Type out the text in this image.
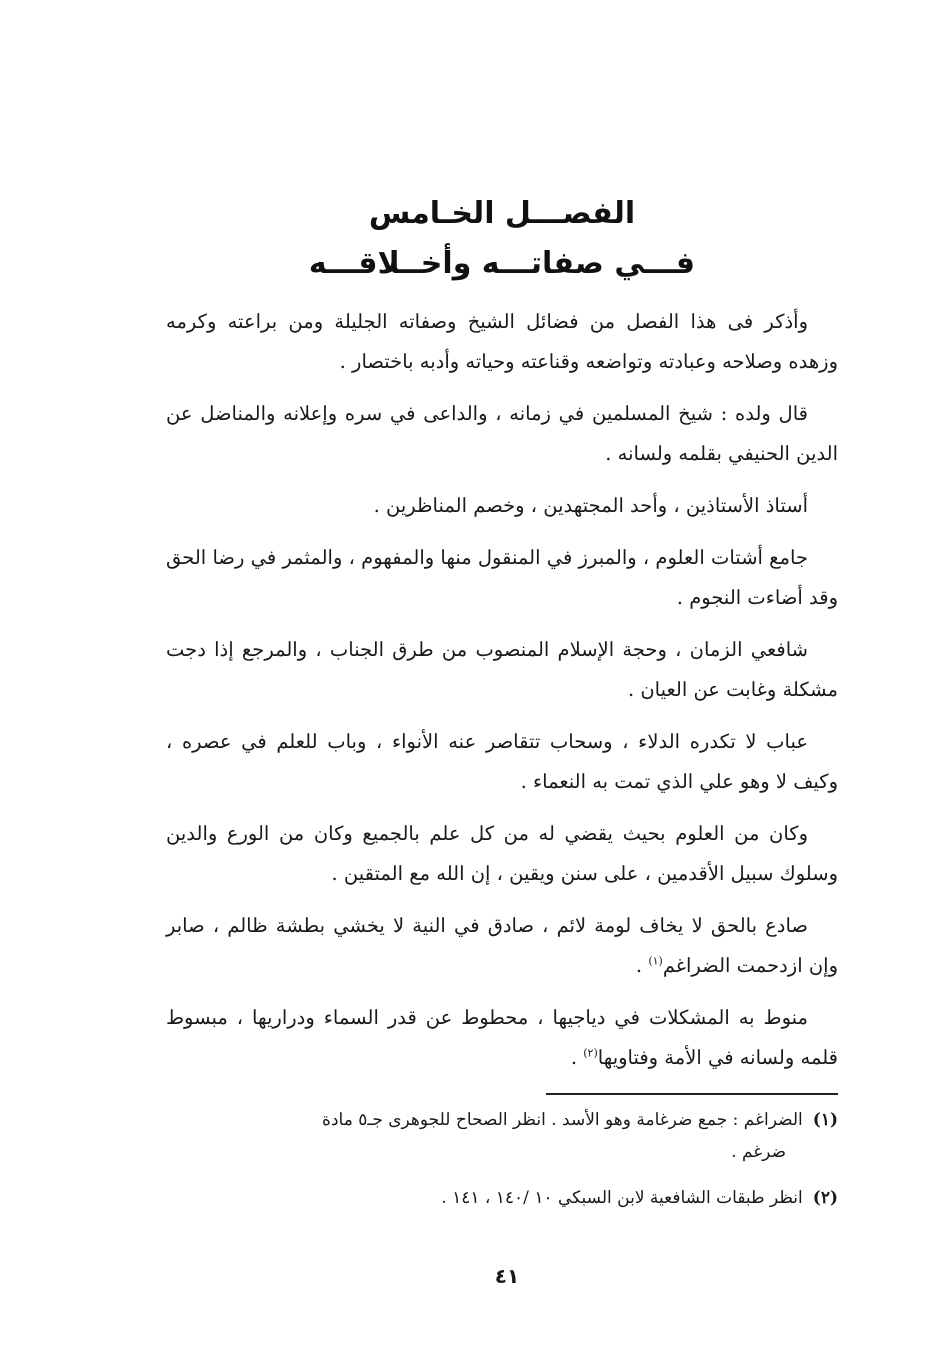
الفصـــل الخـامس
فـــي صفاتـــه وأخــلاقـــه

وأذكر فى هذا الفصل من فضائل الشيخ وصفاته الجليلة ومن براعته وكرمه وزهده وصلاحه وعبادته وتواضعه وقناعته وحياته وأدبه باختصار .

قال ولده : شيخ المسلمين في زمانه ، والداعى في سره وإعلانه والمناضل عن الدين الحنيفي بقلمه ولسانه .

أستاذ الأستاذين ، وأحد المجتهدين ، وخصم المناظرين .

جامع أشتات العلوم ، والمبرز في المنقول منها والمفهوم ، والمثمر في رضا الحق وقد أضاءت النجوم .

شافعي الزمان ، وحجة الإسلام المنصوب من طرق الجناب ، والمرجع إذا دجت مشكلة وغابت عن العيان .

عباب لا تكدره الدلاء ، وسحاب تتقاصر عنه الأنواء ، وباب للعلم في عصره ، وكيف لا وهو علي الذي تمت به النعماء .

وكان من العلوم بحيث يقضي له من كل علم بالجميع وكان من الورع والدين وسلوك سبيل الأقدمين ، على سنن ويقين ، إن الله مع المتقين .

صادع بالحق لا يخاف لومة لائم ، صادق في النية لا يخشي بطشة ظالم ، صابر وإن ازدحمت الضراغم$^{(١)}$ .

منوط به المشكلات في دياجيها ، محطوط عن قدر السماء ودراريها ، مبسوط قلمه ولسانه في الأمة وفتاويها$^{(٢)}$ .

(١)الضراغم : جمع ضرغامة وهو الأسد . انظر الصحاح للجوهرى جـ٥ مادة
ضرغم .
(٢)انظر طبقات الشافعية لابن السبكي ١٠ /١٤٠ ، ١٤١ .
٤١
